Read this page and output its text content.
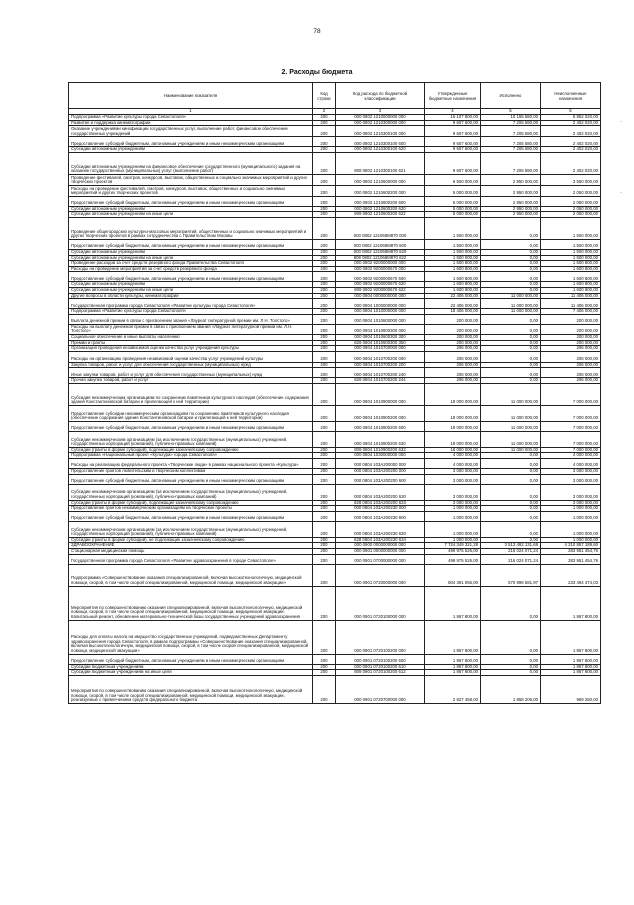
78
2. Расходы бюджета
Наименование показателя	Код строки	Код расхода по бюджетной классификации	Утвержденные бюджетные назначения	Исполнено	Неисполненные назначения
1	2	3	4	5	6
Подпрограмма «Развитие культуры города Севастополя»	200	000 0802 1210000000 000	16 107 800,00	10 155 580,00	5 952 020,00
Развитие и поддержка кинематографии	200	000 0802 1210300000 000	9 607 600,00	7 205 580,00	2 402 020,00
Оказание учреждениями кинофикации государственных услуг, выполнение работ, финансовое обеспечение государственных учреждений	200	000 0802 1210300100 000	9 607 600,00	7 205 580,00	2 402 020,00
Предоставление субсидий бюджетным, автономным учреждениям и иным некоммерческим организациям	200	000 0802 1210300100 600	9 607 600,00	7 205 580,00	2 402 020,00
Субсидии автономным учреждениям	200	000 0802 1210300100 620	9 607 600,00	7 205 580,00	2 402 020,00
Субсидии автономным учреждениям на финансовое обеспечение государственного (муниципального) задания на оказание государственных (муниципальных) услуг (выполнение работ)	200	808 0802 1210300100 621	9 607 600,00	7 205 580,00	2 402 020,00
Проведение фестивалей, смотров, конкурсов, выставок, общественных и социально значимых мероприятий и других творческих проектов	200	000 0802 1210600000 000	6 500 000,00	2 950 000,00	3 550 000,00
Расходы на проведение фестивалей, смотров, конкурсов, выставок, общественных и социально значимых мероприятий и других творческих проектов	200	000 0802 1210600200 000	5 000 000,00	2 950 000,00	2 050 000,00
Предоставление субсидий бюджетным, автономным учреждениям и иным некоммерческим организациям	200	000 0802 1210600200 600	5 000 000,00	2 950 000,00	2 050 000,00
Субсидии автономным учреждениям	200	000 0802 1210600200 620	5 000 000,00	2 950 000,00	2 050 000,00
Субсидии автономным учреждениям на иные цели	200	808 0802 1210600200 622	5 000 000,00	2 950 000,00	2 050 000,00
Проведение общегородских культурно-массовых мероприятий, общественных и социально значимых мероприятий и других творческих проектов в рамках сотрудничества с Правительством Москвы	200	000 0802 121068М870 000	1 500 000,00	0,00	1 500 000,00
Предоставление субсидий бюджетным, автономным учреждениям и иным некоммерческим организациям	200	000 0802 121068М870 600	1 500 000,00	0,00	1 500 000,00
Субсидии автономным учреждениям	200	000 0802 121068М870 620	1 500 000,00	0,00	1 500 000,00
Субсидии автономным учреждениям на иные цели	200	808 0802 121068М870 622	1 500 000,00	0,00	1 500 000,00
Проведение расходов за счет средств резервного фонда Правительства Севастополя	200	000 0802 9200000000 000	1 600 800,00	0,00	1 600 800,00
Расходы на проведение мероприятий за счет средств резервного фонда	200	000 0802 9200000670 000	1 600 800,00	0,00	1 600 800,00
Предоставление субсидий бюджетным, автономным учреждениям и иным некоммерческим организациям	200	000 0802 9200000670 600	1 600 800,00	0,00	1 600 800,00
Субсидии автономным учреждениям	200	000 0802 9200000670 620	1 600 800,00	0,00	1 600 800,00
Субсидии автономным учреждениям на иные цели	200	808 0802 9200000670 622	1 600 800,00	0,00	1 600 800,00
Другие вопросы в области культуры, кинематографии	200	000 0804 0000000000 000	22 406 000,00	11 000 000,00	11 406 000,00
Государственная программа города Севастополя «Развитие культуры города Севастополя»	200	000 0804 1000000000 000	22 406 000,00	11 000 000,00	11 406 000,00
Подпрограмма «Развитие культуры города Севастополя»	200	000 0804 1010000000 000	18 406 000,00	11 000 000,00	7 406 000,00
Выплата денежной премии в связи с присвоением звания «Лауреат литературной премии им. Л.Н. Толстого»	200	000 0804 1010600000 000	200 000,00	0,00	200 000,00
Расходы на выплату денежной премии в связи с присвоением звания «Лауреат литературной премии им. Л.Н. Толстого»	200	000 0804 1010600300 000	200 000,00	0,00	200 000,00
Социальное обеспечение и иные выплаты населению	200	000 0804 1010600300 300	200 000,00	0,00	200 000,00
Премии и гранты	200	828 0804 1010600300 350	200 000,00	0,00	200 000,00
Организация проведения независимой оценки качества услуг учреждений культуры	200	000 0804 1010700000 000	206 000,00	0,00	206 000,00
Расходы на организацию проведения независимой оценки качества услуг учреждений культуры	200	000 0804 1010700200 000	206 000,00	0,00	206 000,00
Закупка товаров, работ и услуг для обеспечения государственных (муниципальных) нужд	200	000 0804 1010700200 200	206 000,00	0,00	206 000,00
Иные закупки товаров, работ и услуг для обеспечения государственных (муниципальных) нужд	200	000 0804 1010700200 240	206 000,00	0,00	206 000,00
Прочая закупка товаров, работ и услуг	200	828 0804 1010700200 244	206 000,00	0,00	206 000,00
Субсидия некоммерческим организациям по сохранению памятников культурного наследия (обеспечение содержания здания Константиновской батареи и прилегающей к ней территории)	200	000 0804 1010900000 000	18 000 000,00	11 000 000,00	7 000 000,00
Предоставление субсидии некоммерческим организациям по сохранению памятников культурного наследия (обеспечение содержания здания Константиновской батареи и прилегающей к ней территории)	200	000 0804 1010900200 000	18 000 000,00	11 000 000,00	7 000 000,00
Предоставление субсидий бюджетным, автономным учреждениям и иным некоммерческим организациям	200	000 0804 1010900200 600	18 000 000,00	11 000 000,00	7 000 000,00
Субсидии некоммерческим организациям (за исключением государственных (муниципальных) учреждений, государственных корпораций (компаний), публично-правовых компаний)	200	000 0804 1010900200 630	18 000 000,00	11 000 000,00	7 000 000,00
Субсидии (гранты в форме субсидий), подлежащие казначейскому сопровождению	200	808 0804 1010900200 633	18 000 000,00	11 000 000,00	7 000 000,00
Подпрограмма «Национальный проект «Культура» города Севастополя»	200	000 0804 1030000000 000	4 000 000,00	0,00	4 000 000,00
Расходы на реализацию федерального проекта «Творческие люди» в рамках национального проекта «Культура»	200	000 0804 103A200000 000	4 000 000,00	0,00	4 000 000,00
Предоставление грантов любительским и творческим коллективам	200	000 0804 103A200200 000	3 000 000,00	0,00	3 000 000,00
Предоставление субсидий бюджетным, автономным учреждениям и иным некоммерческим организациям	200	000 0804 103A200200 600	3 000 000,00	0,00	3 000 000,00
Субсидии некоммерческим организациям (за исключением государственных (муниципальных) учреждений, государственных корпораций (компаний), публично-правовых компаний)	200	000 0804 103A200200 630	3 000 000,00	0,00	3 000 000,00
Субсидии (гранты в форме субсидий), подлежащие казначейскому сопровождению	200	828 0804 103A200200 633	3 000 000,00	0,00	3 000 000,00
Предоставление грантов некоммерческим организациям на творческие проекты	200	000 0804 103A200230 000	1 000 000,00	0,00	1 000 000,00
Предоставление субсидий бюджетным, автономным учреждениям и иным некоммерческим организациям	200	000 0804 103A200230 600	1 000 000,00	0,00	1 000 000,00
Субсидии некоммерческим организациям (за исключением государственных (муниципальных) учреждений, государственных корпораций (компаний), публично-правовых компаний)	200	000 0804 103A200230 630	1 000 000,00	0,00	1 000 000,00
Субсидии (гранты в форме субсидий), не подлежащие казначейскому сопровождению	200	828 0804 103A200230 634	1 000 000,00	0,00	1 000 000,00
ЗДРАВООХРАНЕНИЕ	200	000 0900 0000000000 000	7 724 349 321,28	3 513 492 131,68	4 210 857 189,60
Стационарная медицинская помощь	200	000 0901 0000000000 000	499 975 526,00	216 024 071,24	283 951 454,76
Государственная программа города Севастополя «Развитие здравоохранения в городе Севастополе»	200	000 0901 0700000000 000	499 975 526,00	216 024 071,24	283 951 454,76
Подпрограмма «Совершенствование оказания специализированной, включая высокотехнологичную, медицинской помощи, скорой, в том числе скорой специализированной, медицинской помощи, медицинской эвакуации»	200	000 0901 0720000000 000	804 391 056,00	570 896 581,97	233 494 474,03
Мероприятия по совершенствованию оказания специализированной, включая высокотехнологичную, медицинской помощи, скорой, в том числе скорой специализированной, медицинской помощи, медицинской эвакуации. Капитальный ремонт, обновление материально-технической базы государственных учреждений здравоохранения	200	000 0901 0720100000 000	1 867 800,00	0,00	1 867 800,00
Расходы для оплаты налога на имущество государственных учреждений, подведомственных Департаменту здравоохранения города Севастополя, в рамках подпрограммы «Совершенствование оказания специализированной, включая высокотехнологичную, медицинской помощи, скорой, в том числе скорой специализированной, медицинской помощи, медицинской эвакуации»	200	000 0901 0720100200 000	1 867 800,00	0,00	1 867 800,00
Предоставление субсидий бюджетным, автономным учреждениям и иным некоммерческим организациям	200	000 0901 0720100200 600	1 867 800,00	0,00	1 867 800,00
Субсидии бюджетным учреждениям	200	000 0901 0720100200 610	1 867 800,00	0,00	1 867 800,00
Субсидии бюджетным учреждениям на иные цели	200	808 0901 0720100200 612	1 867 800,00	0,00	1 867 800,00
Мероприятия по совершенствованию оказания специализированной, включая высокотехнологичную, медицинской помощи, скорой, в том числе скорой специализированной, медицинской помощи, медицинской эвакуации, реализуемые с привлечением средств федерального бюджета	200	000 0901 0720700000 000	2 827 458,00	1 858 206,00	969 250,00
·
·
